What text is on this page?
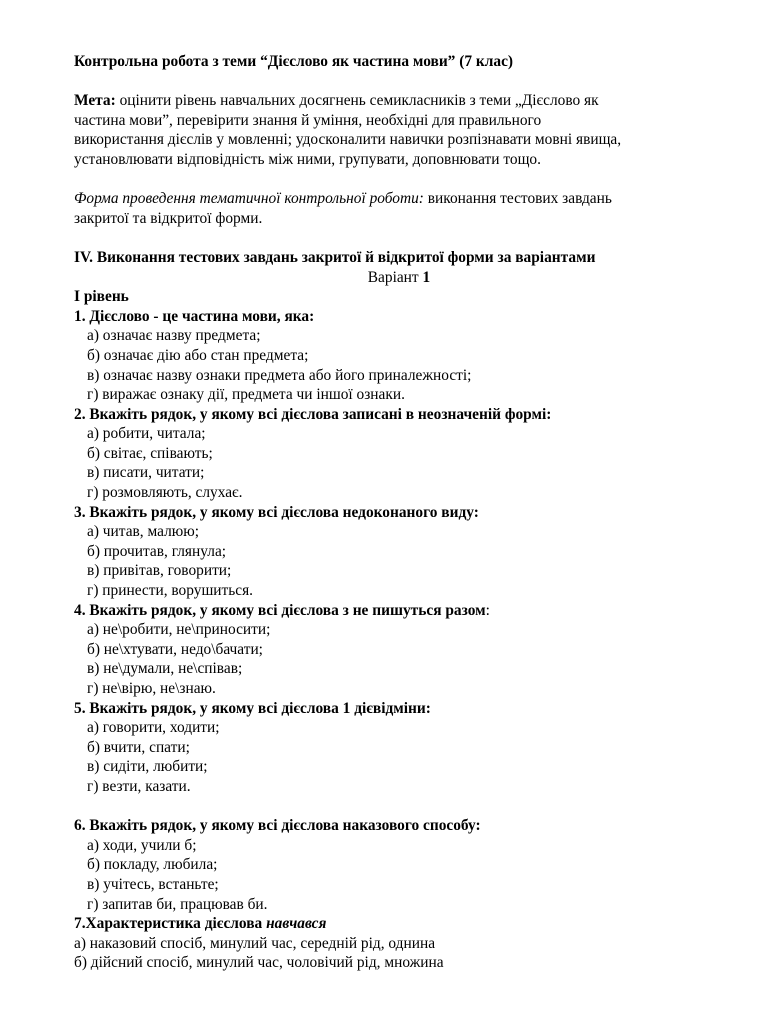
Контрольна робота з теми “Дієслово як частина мови” (7 клас)
Мета: оцінити рівень навчальних досягнень семикласників з теми „Дієслово як
частина мови”, перевірити знання й уміння, необхідні для правильного
використання дієслів у мовленні; удосконалити навички розпізнавати мовні явища,
установлювати відповідність між ними, групувати, доповнювати тощо.
Форма проведення тематичної контрольної роботи: виконання тестових завдань
закритої та відкритої форми.
IV. Виконання тестових завдань закритої й відкритої форми за варіантами
Варіант 1
І рівень
1. Дієслово - це частина мови, яка:
а) означає назву предмета;
б) означає дію або стан предмета;
в) означає назву ознаки предмета або його приналежності;
г) виражає ознаку дії, предмета чи іншої ознаки.
2. Вкажіть рядок, у якому всі дієслова записані в неозначеній формі:
а) робити, читала;
б) світає, співають;
в) писати, читати;
г) розмовляють, слухає.
3. Вкажіть рядок, у якому всі дієслова недоконаного виду:
а) читав, малюю;
б) прочитав, глянула;
в) привітав, говорити;
г) принести, ворушиться.
4. Вкажіть рядок, у якому всі дієслова з не пишуться разом:
а) не\робити, не\приносити;
б) не\хтувати, недо\бачати;
в) не\думали, не\співав;
г) не\вірю, не\знаю.
5. Вкажіть рядок, у якому всі дієслова 1 дієвідміни:
а) говорити, ходити;
б) вчити, спати;
в) сидіти, любити;
г) везти, казати.
6. Вкажіть рядок, у якому всі дієслова наказового способу:
а) ходи, учили б;
б) покладу, любила;
в) учітесь, встаньте;
г) запитав би, працював би.
7.Характеристика дієслова навчався
а) наказовий спосіб, минулий час, середній рід, однина
б) дійсний спосіб, минулий час, чоловічий рід, множина
